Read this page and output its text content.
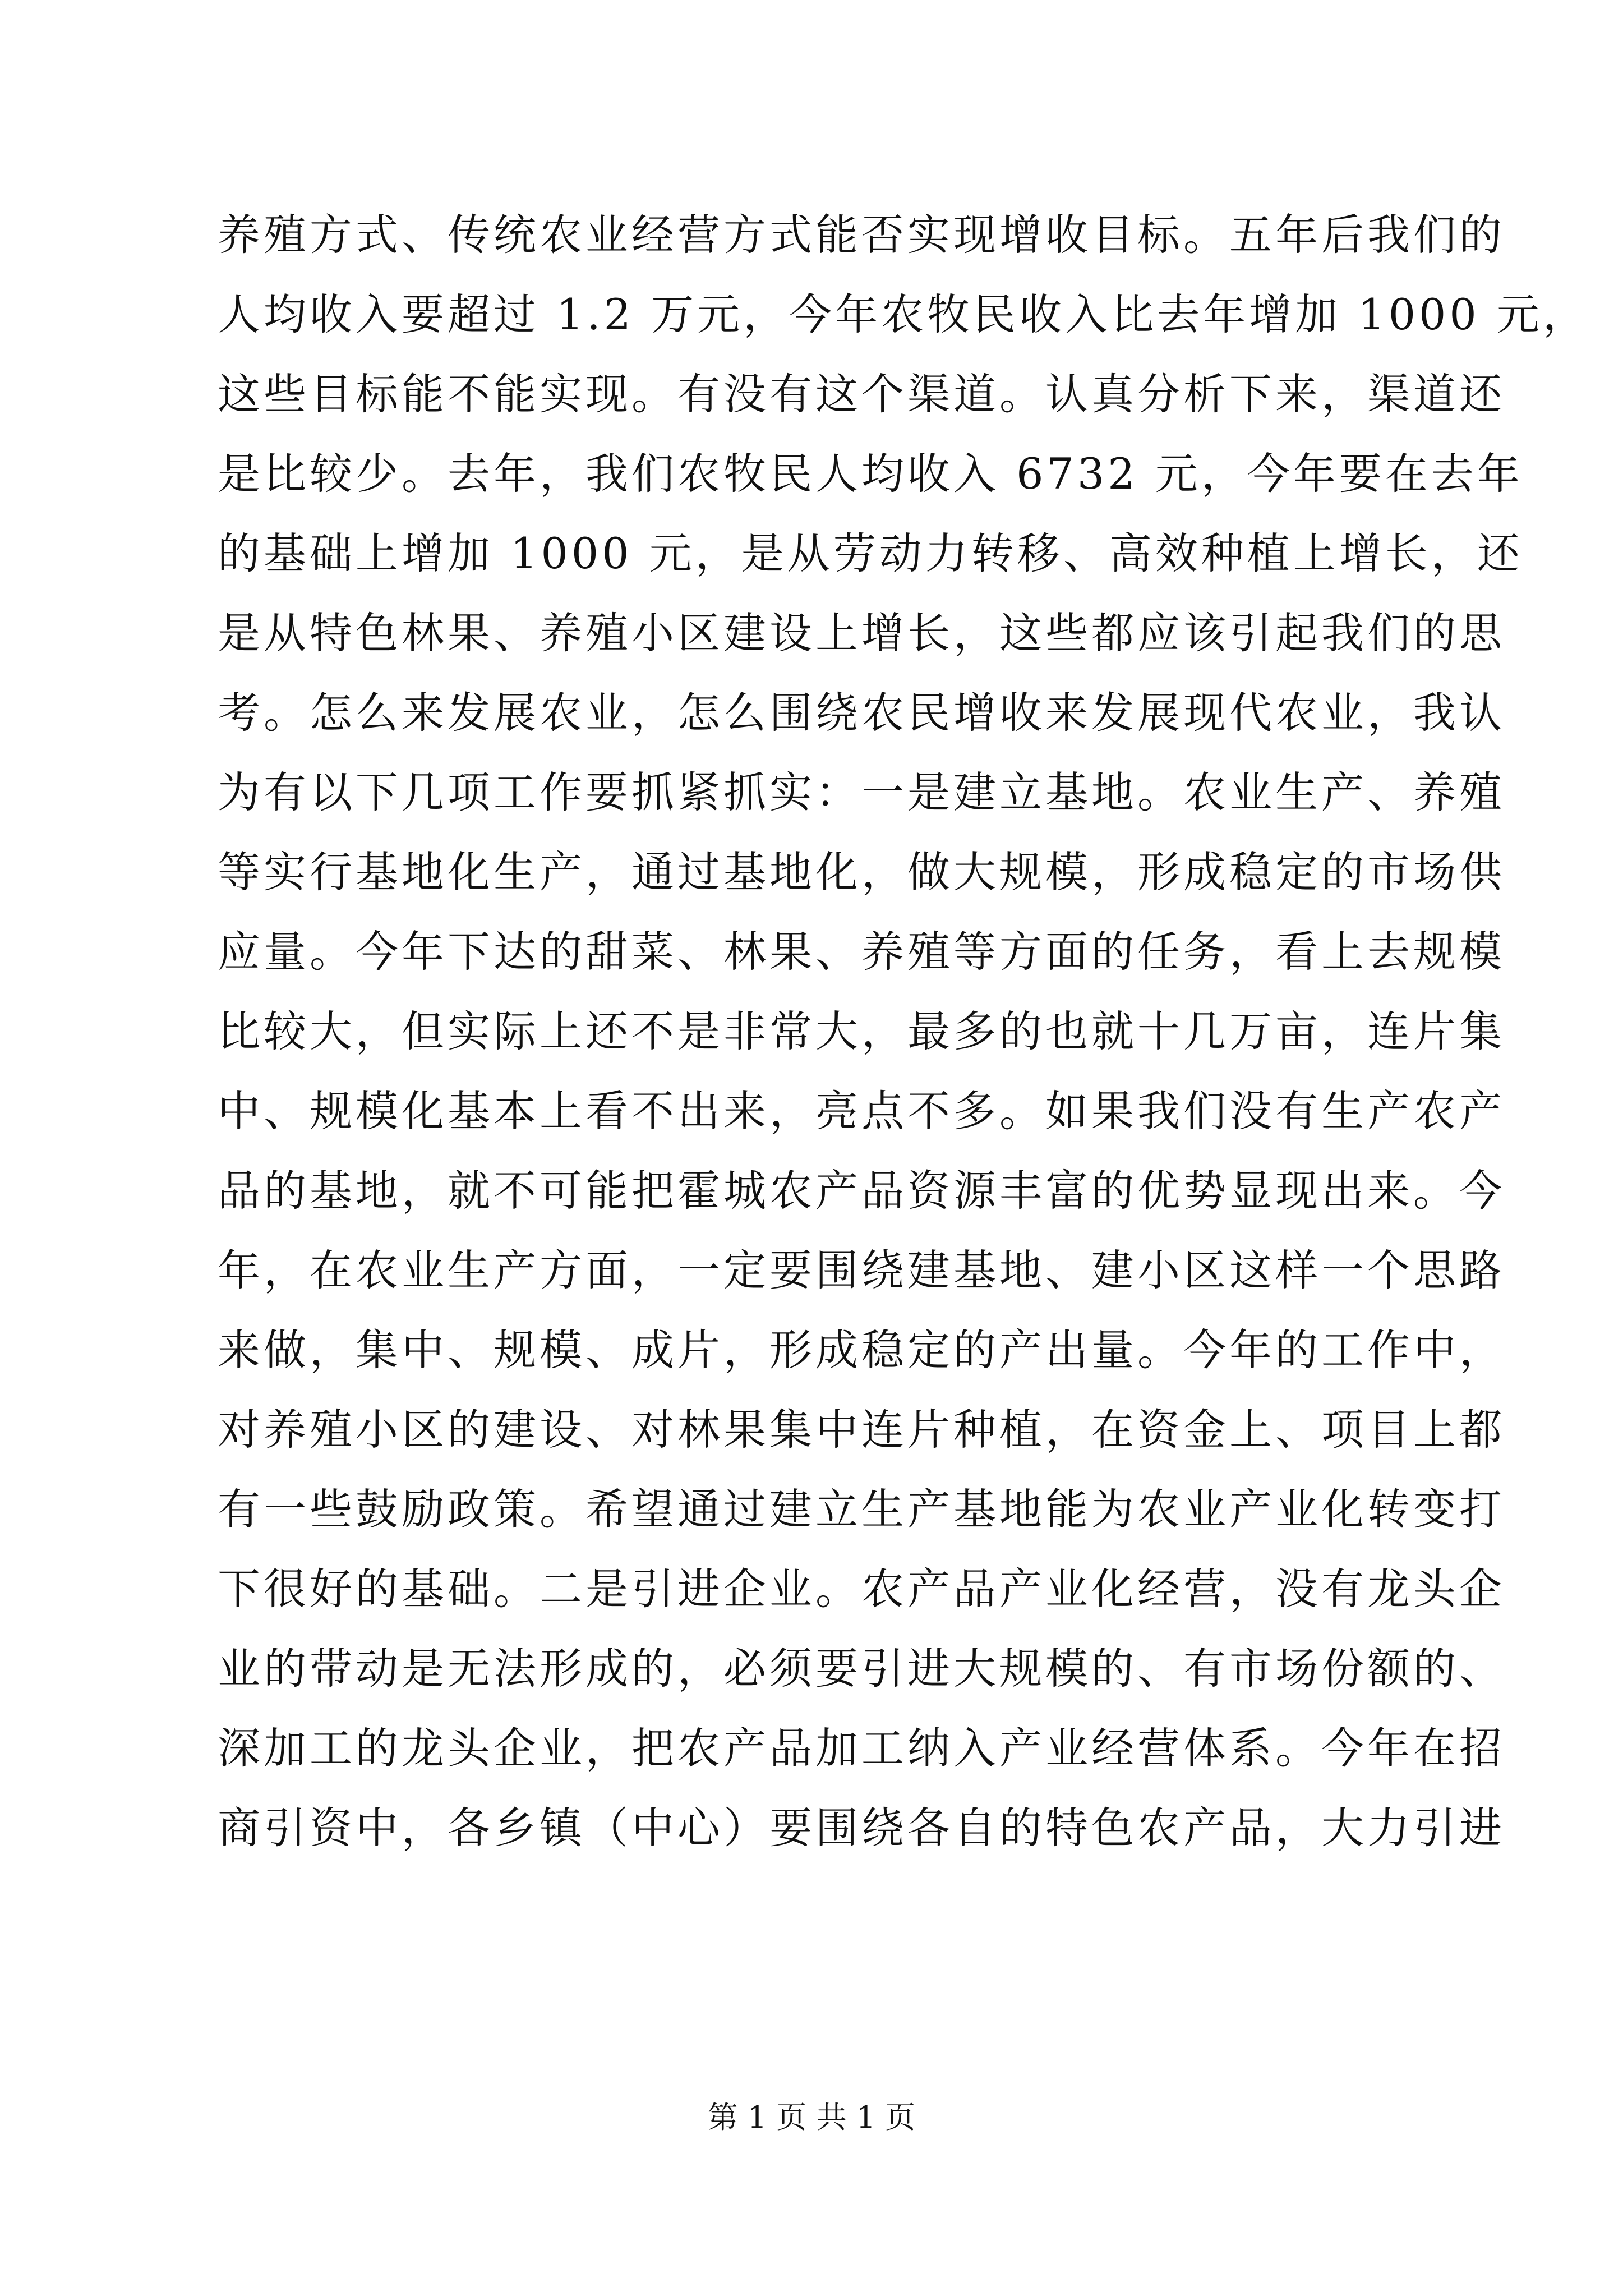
养殖方式、传统农业经营方式能否实现增收目标。五年后我们的
人均收入要超过 1.2 万元，今年农牧民收入比去年增加 1000 元，
这些目标能不能实现。有没有这个渠道。认真分析下来，渠道还
是比较少。去年，我们农牧民人均收入 6732 元，今年要在去年
的基础上增加 1000 元，是从劳动力转移、高效种植上增长，还
是从特色林果、养殖小区建设上增长，这些都应该引起我们的思
考。怎么来发展农业，怎么围绕农民增收来发展现代农业，我认
为有以下几项工作要抓紧抓实：一是建立基地。农业生产、养殖
等实行基地化生产，通过基地化，做大规模，形成稳定的市场供
应量。今年下达的甜菜、林果、养殖等方面的任务，看上去规模
比较大，但实际上还不是非常大，最多的也就十几万亩，连片集
中、规模化基本上看不出来，亮点不多。如果我们没有生产农产
品的基地，就不可能把霍城农产品资源丰富的优势显现出来。今
年，在农业生产方面，一定要围绕建基地、建小区这样一个思路
来做，集中、规模、成片，形成稳定的产出量。今年的工作中，
对养殖小区的建设、对林果集中连片种植，在资金上、项目上都
有一些鼓励政策。希望通过建立生产基地能为农业产业化转变打
下很好的基础。二是引进企业。农产品产业化经营，没有龙头企
业的带动是无法形成的，必须要引进大规模的、有市场份额的、
深加工的龙头企业，把农产品加工纳入产业经营体系。今年在招
商引资中，各乡镇（中心）要围绕各自的特色农产品，大力引进
第 1 页 共 1 页
